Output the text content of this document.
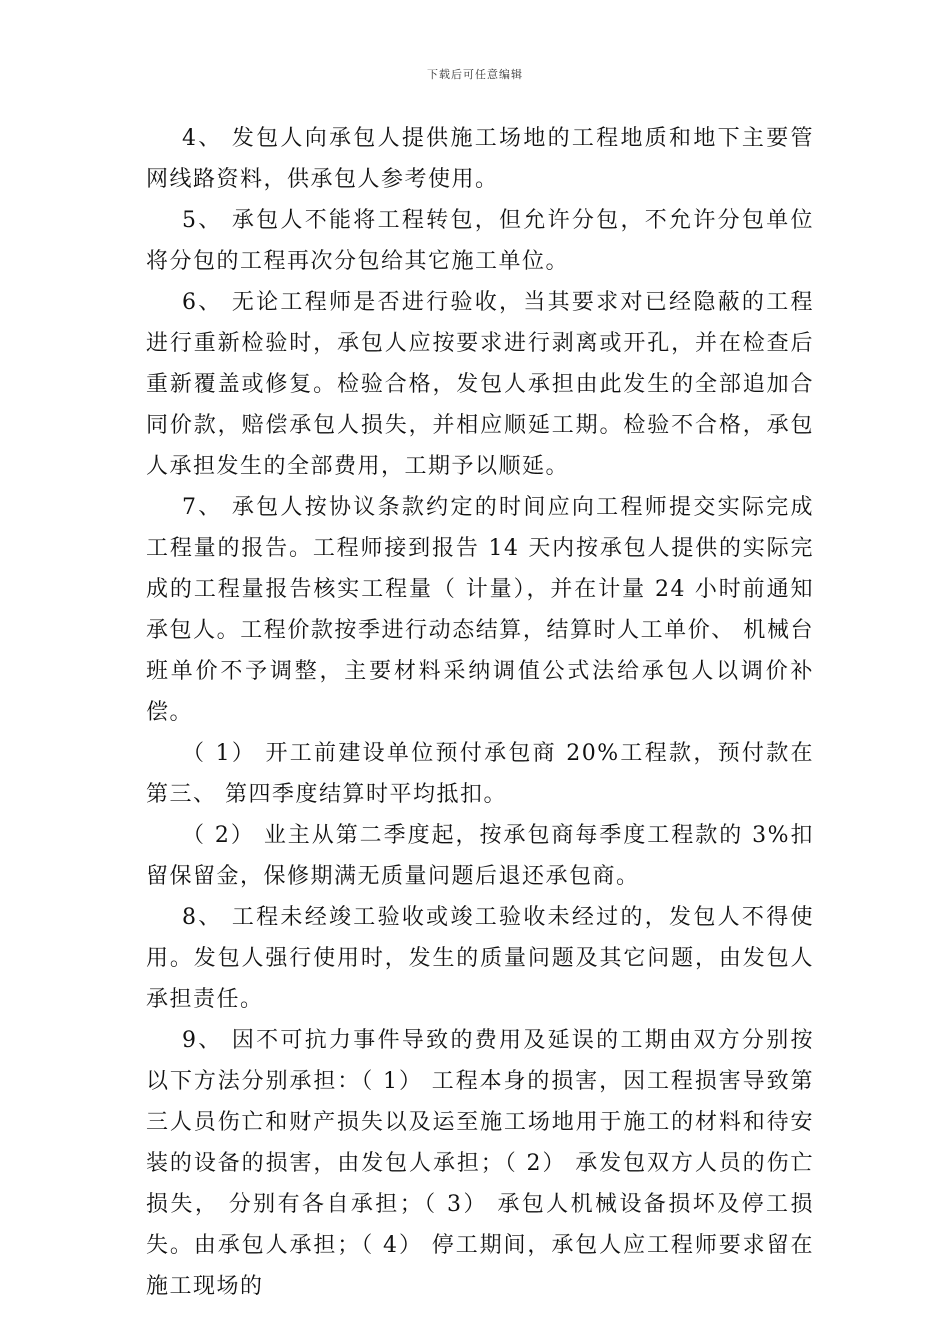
下载后可任意编辑

4、 发包人向承包人提供施工场地的工程地质和地下主要管网线路资料，供承包人参考使用。

5、 承包人不能将工程转包，但允许分包，不允许分包单位将分包的工程再次分包给其它施工单位。

6、 无论工程师是否进行验收，当其要求对已经隐蔽的工程进行重新检验时，承包人应按要求进行剥离或开孔，并在检查后重新覆盖或修复。检验合格，发包人承担由此发生的全部追加合同价款，赔偿承包人损失，并相应顺延工期。检验不合格，承包人承担发生的全部费用，工期予以顺延。

7、 承包人按协议条款约定的时间应向工程师提交实际完成工程量的报告。工程师接到报告 14 天内按承包人提供的实际完成的工程量报告核实工程量（ 计量），并在计量 24 小时前通知承包人。工程价款按季进行动态结算，结算时人工单价、 机械台班单价不予调整，主要材料采纳调值公式法给承包人以调价补偿。

（ 1） 开工前建设单位预付承包商 20%工程款，预付款在第三、 第四季度结算时平均抵扣。

（ 2） 业主从第二季度起，按承包商每季度工程款的 3%扣留保留金，保修期满无质量问题后退还承包商。

8、 工程未经竣工验收或竣工验收未经过的，发包人不得使用。发包人强行使用时，发生的质量问题及其它问题，由发包人承担责任。

9、 因不可抗力事件导致的费用及延误的工期由双方分别按以下方法分别承担：（ 1） 工程本身的损害，因工程损害导致第三人员伤亡和财产损失以及运至施工场地用于施工的材料和待安装的设备的损害，由发包人承担；（ 2） 承发包双方人员的伤亡损失， 分别有各自承担；（ 3） 承包人机械设备损坏及停工损失。由承包人承担；（ 4） 停工期间，承包人应工程师要求留在施工现场的
